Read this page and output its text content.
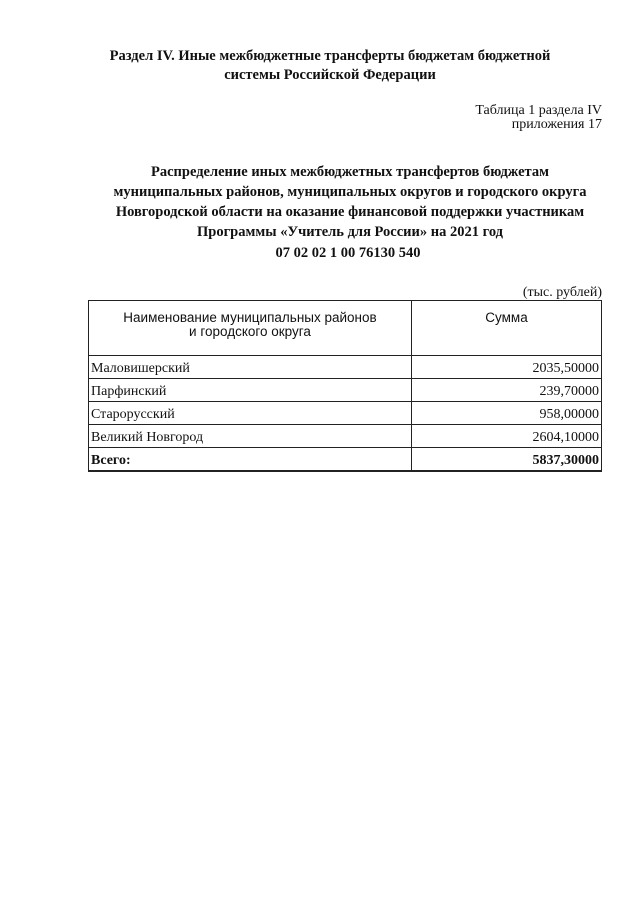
Раздел IV. Иные межбюджетные трансферты бюджетам бюджетной
системы Российской Федерации
Таблица 1 раздела IV
приложения 17
Распределение иных межбюджетных трансфертов бюджетам
муниципальных районов, муниципальных округов и городского округа
Новгородской области на оказание финансовой поддержки участникам
Программы «Учитель для России» на 2021 год
07 02 02 1 00 76130 540
(тыс. рублей)
Наименование муниципальных районов
и городского округа	Сумма
Маловишерский	2035,50000
Парфинский	239,70000
Старорусский	958,00000
Великий Новгород	2604,10000
Всего:	5837,30000
